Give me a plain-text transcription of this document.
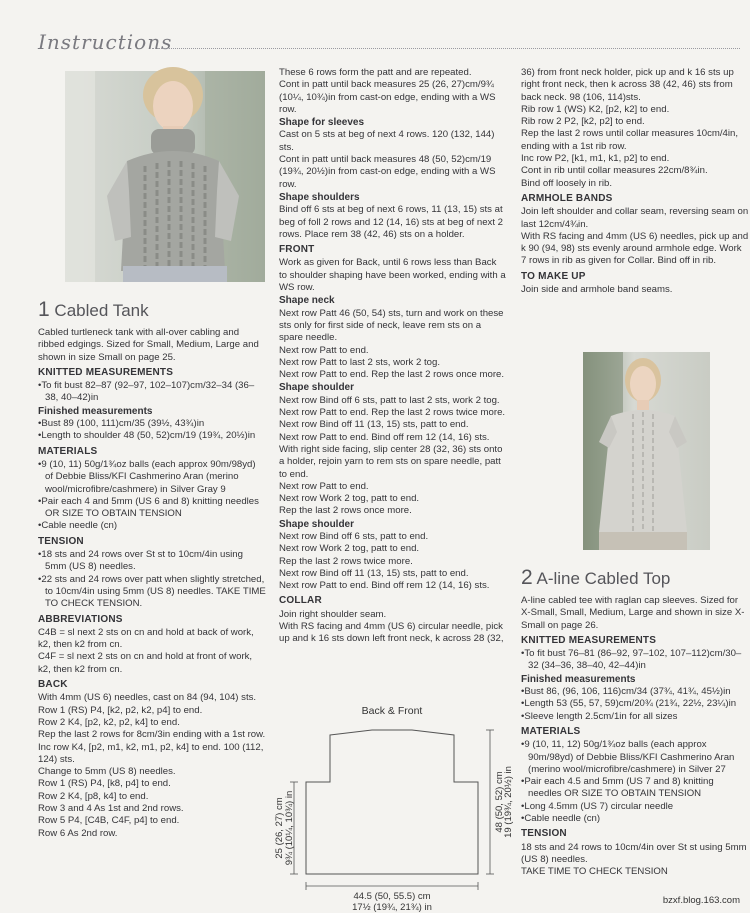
Instructions
1 Cabled Tank

Cabled turtleneck tank with all-over cabling and ribbed edgings. Sized for Small, Medium, Large and shown in size Small on page 25.

KNITTED MEASUREMENTS
• To fit bust 82–87 (92–97, 102–107)cm/32–34 (36–38, 40–42)in
Finished measurements
• Bust 89 (100, 111)cm/35 (39½, 43¾)in
• Length to shoulder 48 (50, 52)cm/19 (19¾, 20½)in
MATERIALS
• 9 (10, 11) 50g/1¾oz balls (each approx 90m/98yd) of Debbie Bliss/KFI Cashmerino Aran (merino wool/microfibre/cashmere) in Silver Gray 9
• Pair each 4 and 5mm (US 6 and 8) knitting needles OR SIZE TO OBTAIN TENSION
• Cable needle (cn)
TENSION
• 18 sts and 24 rows over St st to 10cm/4in using 5mm (US 8) needles.
• 22 sts and 24 rows over patt when slightly stretched, to 10cm/4in using 5mm (US 8) needles. TAKE TIME TO CHECK TENSION.
ABBREVIATIONS

C4B = sl next 2 sts on cn and hold at back of work, k2, then k2 from cn.

C4F = sl next 2 sts on cn and hold at front of work, k2, then k2 from cn.

BACK

With 4mm (US 6) needles, cast on 84 (94, 104) sts.

Row 1 (RS) P4, [k2, p2, k2, p4] to end.

Row 2 K4, [p2, k2, p2, k4] to end.

Rep the last 2 rows for 8cm/3in ending with a 1st row.

Inc row K4, [p2, m1, k2, m1, p2, k4] to end. 100 (112, 124) sts.

Change to 5mm (US 8) needles.

Row 1 (RS) P4, [k8, p4] to end.

Row 2 K4, [p8, k4] to end.

Row 3 and 4 As 1st and 2nd rows.

Row 5 P4, [C4B, C4F, p4] to end.

Row 6 As 2nd row.

These 6 rows form the patt and are repeated.

Cont in patt until back measures 25 (26, 27)cm/9¾ (10¼, 10¾)in from cast-on edge, ending with a WS row.

Shape for sleeves

Cast on 5 sts at beg of next 4 rows. 120 (132, 144) sts.

Cont in patt until back measures 48 (50, 52)cm/19 (19¾, 20½)in from cast-on edge, ending with a WS row.

Shape shoulders

Bind off 6 sts at beg of next 6 rows, 11 (13, 15) sts at beg of foll 2 rows and 12 (14, 16) sts at beg of next 2 rows. Place rem 38 (42, 46) sts on a holder.

FRONT

Work as given for Back, until 6 rows less than Back to shoulder shaping have been worked, ending with a WS row.

Shape neck

Next row Patt 46 (50, 54) sts, turn and work on these sts only for first side of neck, leave rem sts on a spare needle.

Next row Patt to end.

Next row Patt to last 2 sts, work 2 tog.

Next row Patt to end. Rep the last 2 rows once more.

Shape shoulder

Next row Bind off 6 sts, patt to last 2 sts, work 2 tog.

Next row Patt to end. Rep the last 2 rows twice more.

Next row Bind off 11 (13, 15) sts, patt to end.

Next row Patt to end. Bind off rem 12 (14, 16) sts.

With right side facing, slip center 28 (32, 36) sts onto a holder, rejoin yarn to rem sts on spare needle, patt to end.

Next row Patt to end.

Next row Work 2 tog, patt to end.

Rep the last 2 rows once more.

Shape shoulder

Next row Bind off 6 sts, patt to end.

Next row Work 2 tog, patt to end.

Rep the last 2 rows twice more.

Next row Bind off 11 (13, 15) sts, patt to end.

Next row Patt to end. Bind off rem 12 (14, 16) sts.

COLLAR

Join right shoulder seam.

With RS facing and 4mm (US 6) circular needle, pick up and k 16 sts down left front neck, k across 28 (32,

36) from front neck holder, pick up and k 16 sts up right front neck, then k across 38 (42, 46) sts from back neck. 98 (106, 114)sts.

Rib row 1 (WS) K2, [p2, k2] to end.

Rib row 2 P2, [k2, p2] to end.

Rep the last 2 rows until collar measures 10cm/4in, ending with a 1st rib row.

Inc row P2, [k1, m1, k1, p2] to end.

Cont in rib until collar measures 22cm/8¾in.

Bind off loosely in rib.

ARMHOLE BANDS

Join left shoulder and collar seam, reversing seam on last 12cm/4¾in.

With RS facing and 4mm (US 6) needles, pick up and k 90 (94, 98) sts evenly around armhole edge. Work 7 rows in rib as given for Collar. Bind off in rib.

TO MAKE UP

Join side and armhole band seams.

2 A-line Cabled Top

A-line cabled tee with raglan cap sleeves. Sized for X-Small, Small, Medium, Large and shown in size X-Small on page 26.

KNITTED MEASUREMENTS
• To fit bust 76–81 (86–92, 97–102, 107–112)cm/30–32 (34–36, 38–40, 42–44)in
Finished measurements
• Bust 86, (96, 106, 116)cm/34 (37¾, 41¾, 45½)in
• Length 53 (55, 57, 59)cm/20¾ (21¾, 22½, 23¼)in
• Sleeve length 2.5cm/1in for all sizes
MATERIALS
• 9 (10, 11, 12) 50g/1¾oz balls (each approx 90m/98yd) of Debbie Bliss/KFI Cashmerino Aran (merino wool/microfibre/cashmere) in Silver 27
• Pair each 4.5 and 5mm (US 7 and 8) knitting needles OR SIZE TO OBTAIN TENSION
• Long 4.5mm (US 7) circular needle
• Cable needle (cn)
TENSION

18 sts and 24 rows to 10cm/4in over St st using 5mm (US 8) needles.

TAKE TIME TO CHECK TENSION

Back & Front
25 (26, 27) cm 9¾ (10¼, 10¾) in	48 (50, 52) cm
19 (19¾, 20½) in
44.5 (50, 55.5) cm
17½ (19¾, 21¾) in
bzxf.blog.163.com
